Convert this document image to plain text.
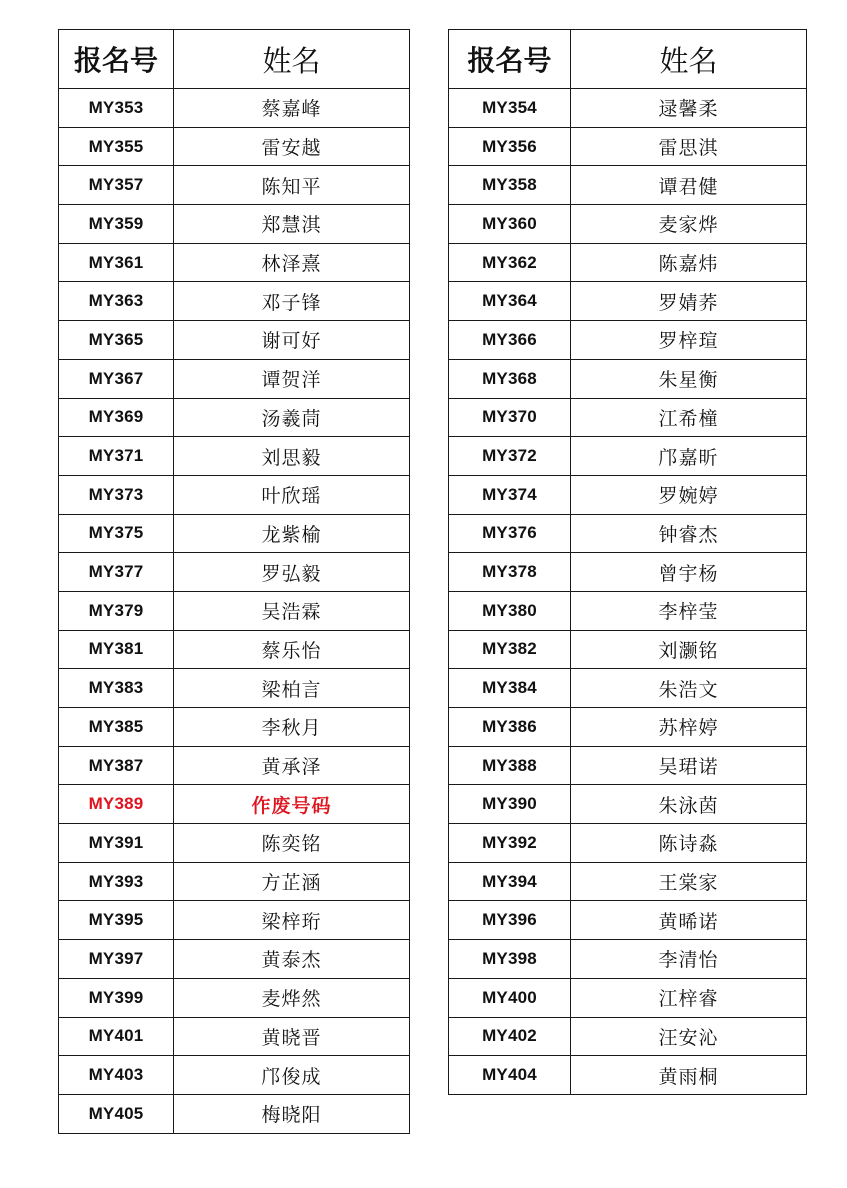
报名号	姓名
MY353	蔡嘉峰
MY355	雷安越
MY357	陈知平
MY359	郑慧淇
MY361	林泽熹
MY363	邓子锋
MY365	谢可好
MY367	谭贺洋
MY369	汤羲茼
MY371	刘思毅
MY373	叶欣瑶
MY375	龙紫榆
MY377	罗弘毅
MY379	吴浩霖
MY381	蔡乐怡
MY383	梁柏言
MY385	李秋月
MY387	黄承泽
MY389	作废号码
MY391	陈奕铭
MY393	方芷涵
MY395	梁梓珩
MY397	黄泰杰
MY399	麦烨然
MY401	黄晓晋
MY403	邝俊成
MY405	梅晓阳
报名号	姓名
MY354	逯馨柔
MY356	雷思淇
MY358	谭君健
MY360	麦家烨
MY362	陈嘉炜
MY364	罗婧荞
MY366	罗梓瑄
MY368	朱星衡
MY370	江希橦
MY372	邝嘉昕
MY374	罗婉婷
MY376	钟睿杰
MY378	曾宇杨
MY380	李梓莹
MY382	刘灏铭
MY384	朱浩文
MY386	苏梓婷
MY388	吴珺诺
MY390	朱泳茵
MY392	陈诗淼
MY394	王棠家
MY396	黄晞诺
MY398	李清怡
MY400	江梓睿
MY402	汪安沁
MY404	黄雨桐
